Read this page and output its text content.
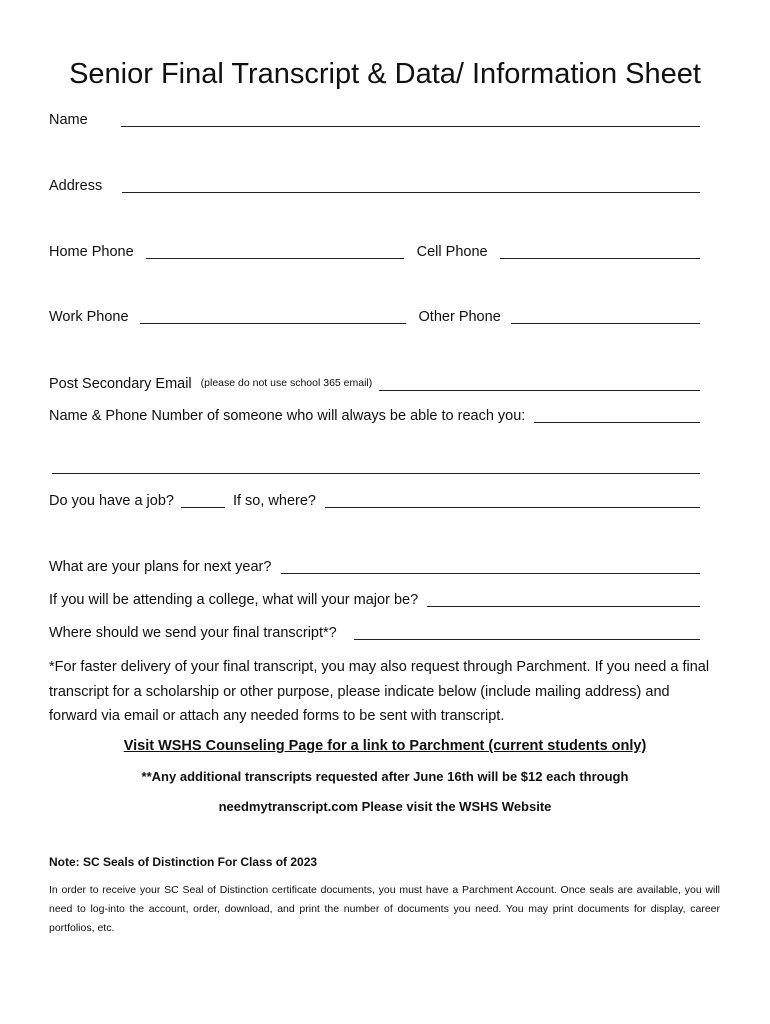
Senior Final Transcript & Data/ Information Sheet
Name
Address
Home Phone	Cell Phone
Work Phone	Other Phone
Post Secondary Email (please do not use school 365 email)
Name & Phone Number of someone who will always be able to reach you:
Do you have a job?	If so, where?
What are your plans for next year?
If you will be attending a college, what will your major be?
Where should we send your final transcript*?

*For faster delivery of your final transcript, you may also request through Parchment. If you need a final transcript for a scholarship or other purpose, please indicate below (include mailing address) and forward via email or attach any needed forms to be sent with transcript.

Visit WSHS Counseling Page for a link to Parchment (current students only)
**Any additional transcripts requested after June 16th will be $12 each through
needmytranscript.com Please visit the WSHS Website
Note: SC Seals of Distinction For Class of 2023

In order to receive your SC Seal of Distinction certificate documents, you must have a Parchment Account. Once seals are available, you will need to log-into the account, order, download, and print the number of documents you need. You may print documents for display, career portfolios, etc.
